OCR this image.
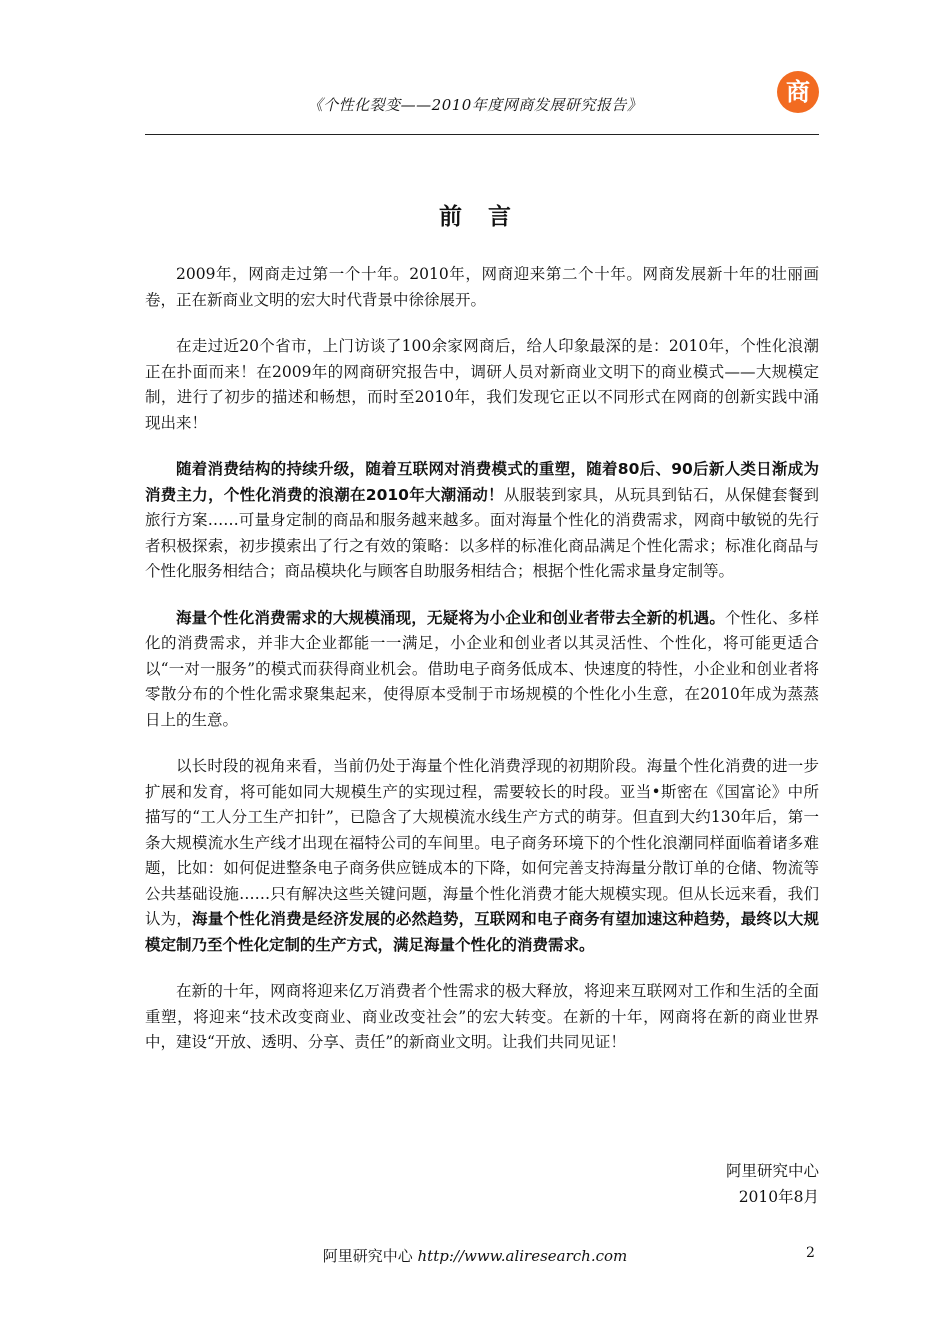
《个性化裂变——2010年度网商发展研究报告》	商
前言

2009年，网商走过第一个十年。2010年，网商迎来第二个十年。网商发展新十年的壮丽画卷，正在新商业文明的宏大时代背景中徐徐展开。

在走过近20个省市，上门访谈了100余家网商后，给人印象最深的是：2010年，个性化浪潮正在扑面而来！在2009年的网商研究报告中，调研人员对新商业文明下的商业模式——大规模定制，进行了初步的描述和畅想，而时至2010年，我们发现它正以不同形式在网商的创新实践中涌现出来！

随着消费结构的持续升级，随着互联网对消费模式的重塑，随着80后、90后新人类日渐成为消费主力，个性化消费的浪潮在2010年大潮涌动！从服装到家具，从玩具到钻石，从保健套餐到旅行方案……可量身定制的商品和服务越来越多。面对海量个性化的消费需求，网商中敏锐的先行者积极探索，初步摸索出了行之有效的策略：以多样的标准化商品满足个性化需求；标准化商品与个性化服务相结合；商品模块化与顾客自助服务相结合；根据个性化需求量身定制等。

海量个性化消费需求的大规模涌现，无疑将为小企业和创业者带去全新的机遇。个性化、多样化的消费需求，并非大企业都能一一满足，小企业和创业者以其灵活性、个性化，将可能更适合以“一对一服务”的模式而获得商业机会。借助电子商务低成本、快速度的特性，小企业和创业者将零散分布的个性化需求聚集起来，使得原本受制于市场规模的个性化小生意，在2010年成为蒸蒸日上的生意。

以长时段的视角来看，当前仍处于海量个性化消费浮现的初期阶段。海量个性化消费的进一步扩展和发育，将可能如同大规模生产的实现过程，需要较长的时段。亚当•斯密在《国富论》中所描写的“工人分工生产扣针”，已隐含了大规模流水线生产方式的萌芽。但直到大约130年后，第一条大规模流水生产线才出现在福特公司的车间里。电子商务环境下的个性化浪潮同样面临着诸多难题，比如：如何促进整条电子商务供应链成本的下降，如何完善支持海量分散订单的仓储、物流等公共基础设施……只有解决这些关键问题，海量个性化消费才能大规模实现。但从长远来看，我们认为，海量个性化消费是经济发展的必然趋势，互联网和电子商务有望加速这种趋势，最终以大规模定制乃至个性化定制的生产方式，满足海量个性化的消费需求。

在新的十年，网商将迎来亿万消费者个性需求的极大释放，将迎来互联网对工作和生活的全面重塑，将迎来“技术改变商业、商业改变社会”的宏大转变。在新的十年，网商将在新的商业世界中，建设“开放、透明、分享、责任”的新商业文明。让我们共同见证！

阿里研究中心
2010年8月
阿里研究中心 http://www.aliresearch.com	2
